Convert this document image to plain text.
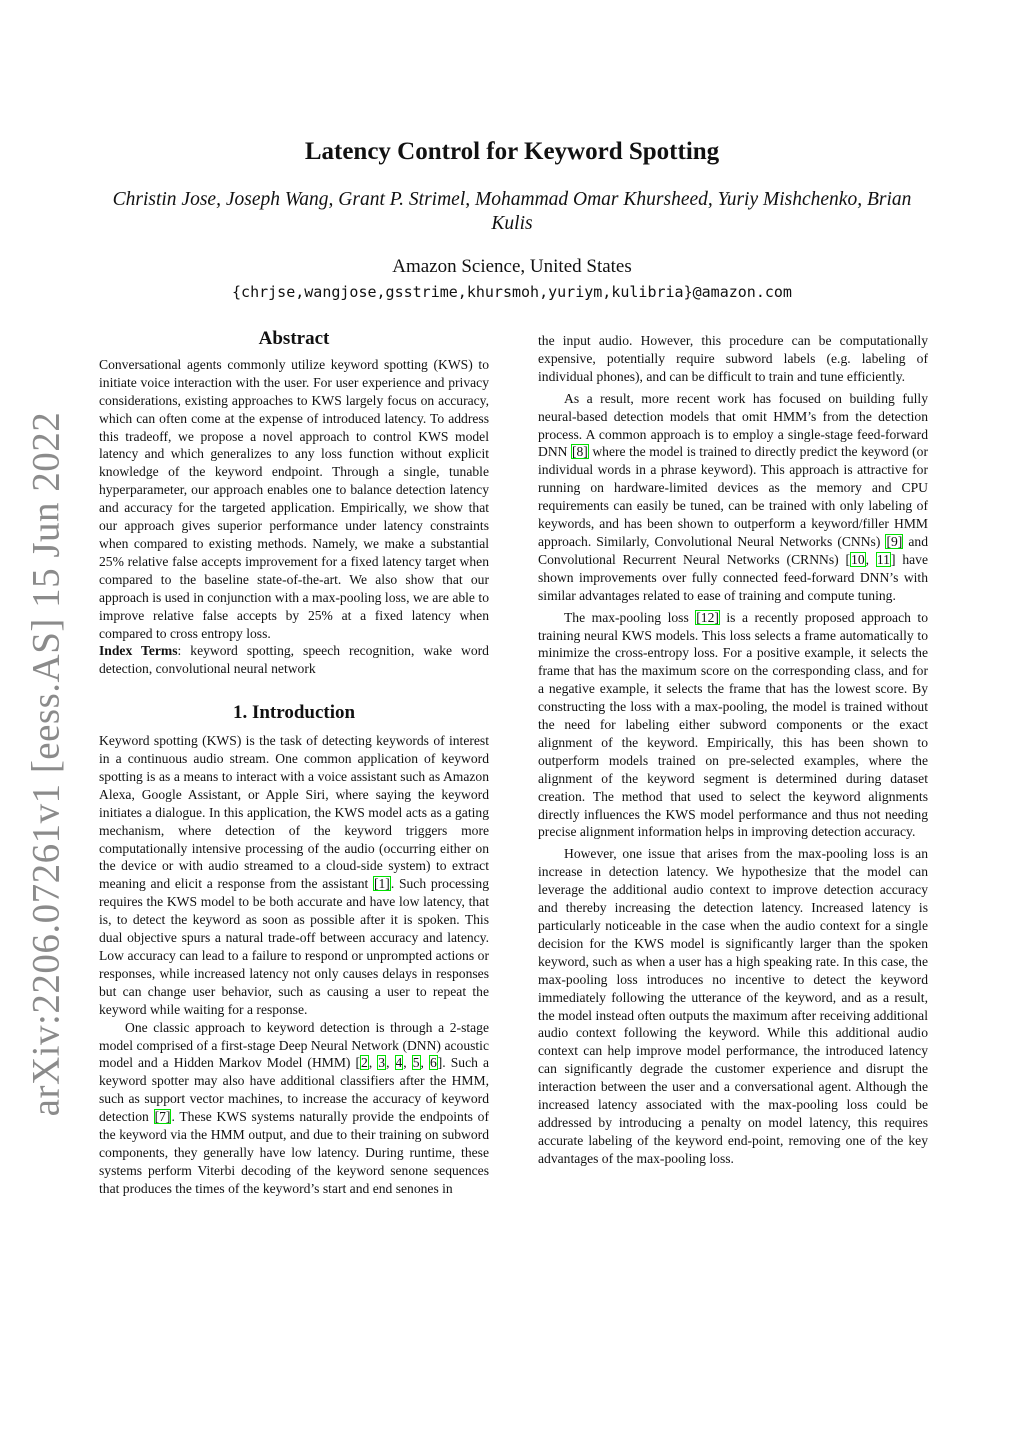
arXiv:2206.07261v1 [eess.AS] 15 Jun 2022
Latency Control for Keyword Spotting

Christin Jose, Joseph Wang, Grant P. Strimel, Mohammad Omar Khursheed, Yuriy Mishchenko, Brian Kulis

Amazon Science, United States

{chrjse,wangjose,gsstrime,khursmoh,yuriym,kulibria}@amazon.com

Abstract

Conversational agents commonly utilize keyword spotting (KWS) to initiate voice interaction with the user. For user experience and privacy considerations, existing approaches to KWS largely focus on accuracy, which can often come at the expense of introduced latency. To address this tradeoff, we propose a novel approach to control KWS model latency and which generalizes to any loss function without explicit knowledge of the keyword endpoint. Through a single, tunable hyperparameter, our approach enables one to balance detection latency and accuracy for the targeted application. Empirically, we show that our approach gives superior performance under latency constraints when compared to existing methods. Namely, we make a substantial 25% relative false accepts improvement for a fixed latency target when compared to the baseline state-of-the-art. We also show that our approach is used in conjunction with a max-pooling loss, we are able to improve relative false accepts by 25% at a fixed latency when compared to cross entropy loss.
Index Terms: keyword spotting, speech recognition, wake word detection, convolutional neural network

1. Introduction

Keyword spotting (KWS) is the task of detecting keywords of interest in a continuous audio stream. One common application of keyword spotting is as a means to interact with a voice assistant such as Amazon Alexa, Google Assistant, or Apple Siri, where saying the keyword initiates a dialogue. In this application, the KWS model acts as a gating mechanism, where detection of the keyword triggers more computationally intensive processing of the audio (occurring either on the device or with audio streamed to a cloud-side system) to extract meaning and elicit a response from the assistant [1]. Such processing requires the KWS model to be both accurate and have low latency, that is, to detect the keyword as soon as possible after it is spoken. This dual objective spurs a natural trade-off between accuracy and latency. Low accuracy can lead to a failure to respond or unprompted actions or responses, while increased latency not only causes delays in responses but can change user behavior, such as causing a user to repeat the keyword while waiting for a response.

One classic approach to keyword detection is through a 2-stage model comprised of a first-stage Deep Neural Network (DNN) acoustic model and a Hidden Markov Model (HMM) [2, 3, 4, 5, 6]. Such a keyword spotter may also have additional classifiers after the HMM, such as support vector machines, to increase the accuracy of keyword detection [7]. These KWS systems naturally provide the endpoints of the keyword via the HMM output, and due to their training on subword components, they generally have low latency. During runtime, these systems perform Viterbi decoding of the keyword senone sequences that produces the times of the keyword’s start and end senones in

the input audio. However, this procedure can be computationally expensive, potentially require subword labels (e.g. labeling of individual phones), and can be difficult to train and tune efficiently.

As a result, more recent work has focused on building fully neural-based detection models that omit HMM’s from the detection process. A common approach is to employ a single-stage feed-forward DNN [8] where the model is trained to directly predict the keyword (or individual words in a phrase keyword). This approach is attractive for running on hardware-limited devices as the memory and CPU requirements can easily be tuned, can be trained with only labeling of keywords, and has been shown to outperform a keyword/filler HMM approach. Similarly, Convolutional Neural Networks (CNNs) [9] and Convolutional Recurrent Neural Networks (CRNNs) [10, 11] have shown improvements over fully connected feed-forward DNN’s with similar advantages related to ease of training and compute tuning.

The max-pooling loss [12] is a recently proposed approach to training neural KWS models. This loss selects a frame automatically to minimize the cross-entropy loss. For a positive example, it selects the frame that has the maximum score on the corresponding class, and for a negative example, it selects the frame that has the lowest score. By constructing the loss with a max-pooling, the model is trained without the need for labeling either subword components or the exact alignment of the keyword. Empirically, this has been shown to outperform models trained on pre-selected examples, where the alignment of the keyword segment is determined during dataset creation. The method that used to select the keyword alignments directly influences the KWS model performance and thus not needing precise alignment information helps in improving detection accuracy.

However, one issue that arises from the max-pooling loss is an increase in detection latency. We hypothesize that the model can leverage the additional audio context to improve detection accuracy and thereby increasing the detection latency. Increased latency is particularly noticeable in the case when the audio context for a single decision for the KWS model is significantly larger than the spoken keyword, such as when a user has a high speaking rate. In this case, the max-pooling loss introduces no incentive to detect the keyword immediately following the utterance of the keyword, and as a result, the model instead often outputs the maximum after receiving additional audio context following the keyword. While this additional audio context can help improve model performance, the introduced latency can significantly degrade the customer experience and disrupt the interaction between the user and a conversational agent. Although the increased latency associated with the max-pooling loss could be addressed by introducing a penalty on model latency, this requires accurate labeling of the keyword end-point, removing one of the key advantages of the max-pooling loss.
